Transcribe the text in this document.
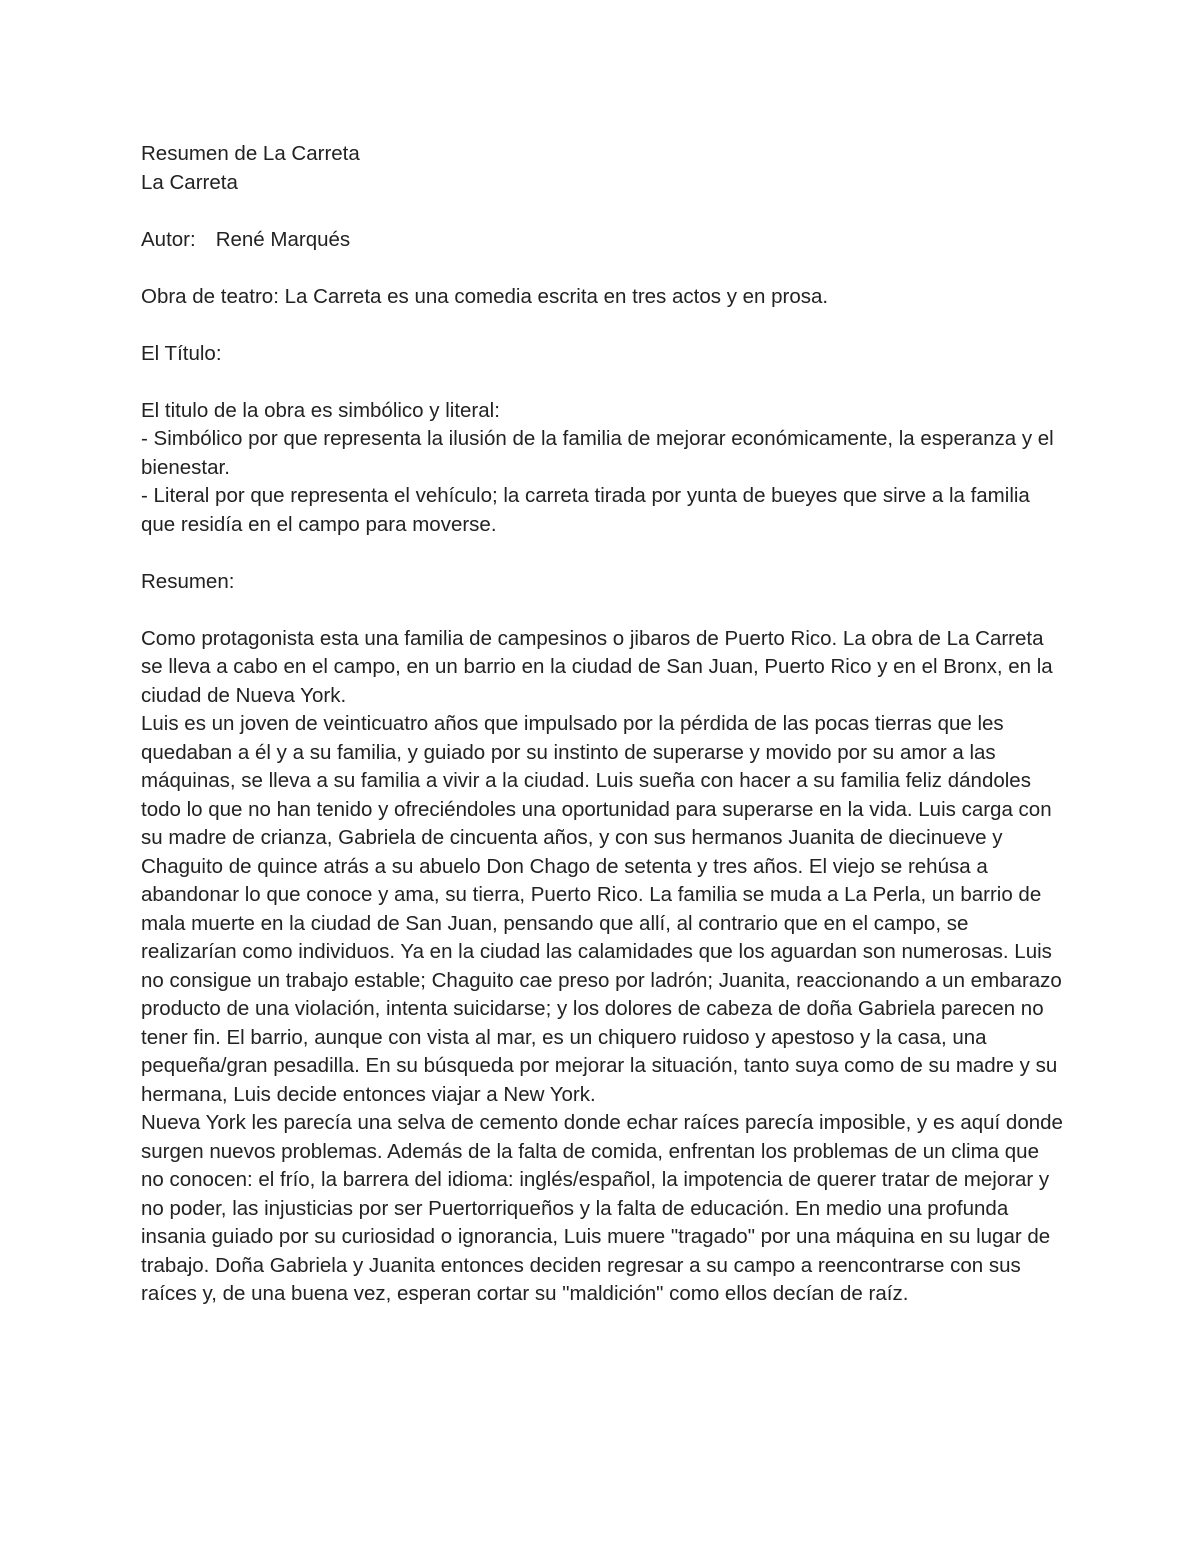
Resumen de La Carreta
La Carreta
Autor: René Marqués
Obra de teatro: La Carreta es una comedia escrita en tres actos y en prosa.
El Título:
El titulo de la obra es simbólico y literal:

- Simbólico por que representa la ilusión de la familia de mejorar económicamente, la esperanza y el bienestar.

- Literal por que representa el vehículo; la carreta tirada por yunta de bueyes que sirve a la familia que residía en el campo para moverse.

Resumen:

Como protagonista esta una familia de campesinos o jibaros de Puerto Rico. La obra de La Carreta se lleva a cabo en el campo, en un barrio en la ciudad de San Juan, Puerto Rico y en el Bronx, en la ciudad de Nueva York.

Luis es un joven de veinticuatro años que impulsado por la pérdida de las pocas tierras que les quedaban a él y a su familia, y guiado por su instinto de superarse y movido por su amor a las máquinas, se lleva a su familia a vivir a la ciudad. Luis sueña con hacer a su familia feliz dándoles todo lo que no han tenido y ofreciéndoles una oportunidad para superarse en la vida. Luis carga con su madre de crianza, Gabriela de cincuenta años, y con sus hermanos Juanita de diecinueve y Chaguito de quince atrás a su abuelo Don Chago de setenta y tres años. El viejo se rehúsa a abandonar lo que conoce y ama, su tierra, Puerto Rico. La familia se muda a La Perla, un barrio de mala muerte en la ciudad de San Juan, pensando que allí, al contrario que en el campo, se realizarían como individuos. Ya en la ciudad las calamidades que los aguardan son numerosas. Luis no consigue un trabajo estable; Chaguito cae preso por ladrón; Juanita, reaccionando a un embarazo producto de una violación, intenta suicidarse; y los dolores de cabeza de doña Gabriela parecen no tener fin. El barrio, aunque con vista al mar, es un chiquero ruidoso y apestoso y la casa, una pequeña/gran pesadilla. En su búsqueda por mejorar la situación, tanto suya como de su madre y su hermana, Luis decide entonces viajar a New York.

Nueva York les parecía una selva de cemento donde echar raíces parecía imposible, y es aquí donde surgen nuevos problemas. Además de la falta de comida, enfrentan los problemas de un clima que no conocen: el frío, la barrera del idioma: inglés/español, la impotencia de querer tratar de mejorar y no poder, las injusticias por ser Puertorriqueños y la falta de educación. En medio una profunda insania guiado por su curiosidad o ignorancia, Luis muere "tragado" por una máquina en su lugar de trabajo. Doña Gabriela y Juanita entonces deciden regresar a su campo a reencontrarse con sus raíces y, de una buena vez, esperan cortar su "maldición" como ellos decían de raíz.
